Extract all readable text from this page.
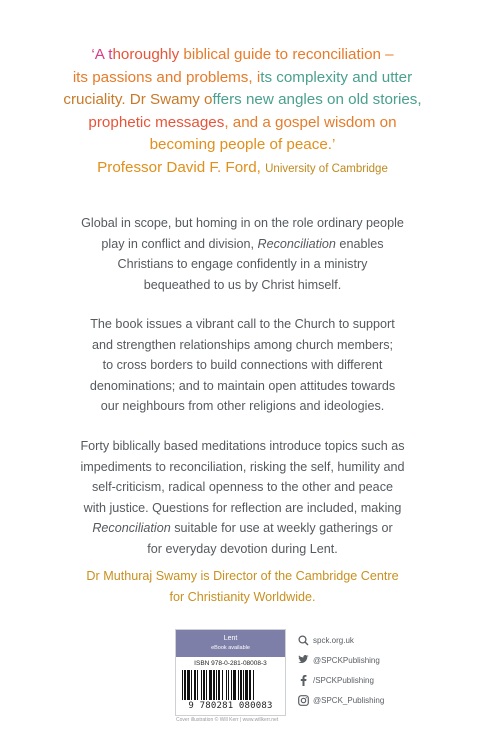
‘A thoroughly biblical guide to reconciliation –
its passions and problems, its complexity and utter
cruciality. Dr Swamy offers new angles on old stories,
prophetic messages, and a gospel wisdom on
becoming people of peace.’
Professor David F. Ford, University of Cambridge
Global in scope, but homing in on the role ordinary people
play in conflict and division, Reconciliation enables
Christians to engage confidently in a ministry
bequeathed to us by Christ himself.
The book issues a vibrant call to the Church to support
and strengthen relationships among church members;
to cross borders to build connections with different
denominations; and to maintain open attitudes towards
our neighbours from other religions and ideologies.
Forty biblically based meditations introduce topics such as
impediments to reconciliation, risking the self, humility and
self-criticism, radical openness to the other and peace
with justice. Questions for reflection are included, making
Reconciliation suitable for use at weekly gatherings or
for everyday devotion during Lent.
Dr Muthuraj Swamy is Director of the Cambridge Centre
for Christianity Worldwide.
Lent
eBook available
ISBN 978-0-281-08008-3
9 780281 080083
spck.org.uk
@SPCKPublishing
/SPCKPublishing
@SPCK_Publishing
Cover illustration © Will Kerr | www.willkerr.net
